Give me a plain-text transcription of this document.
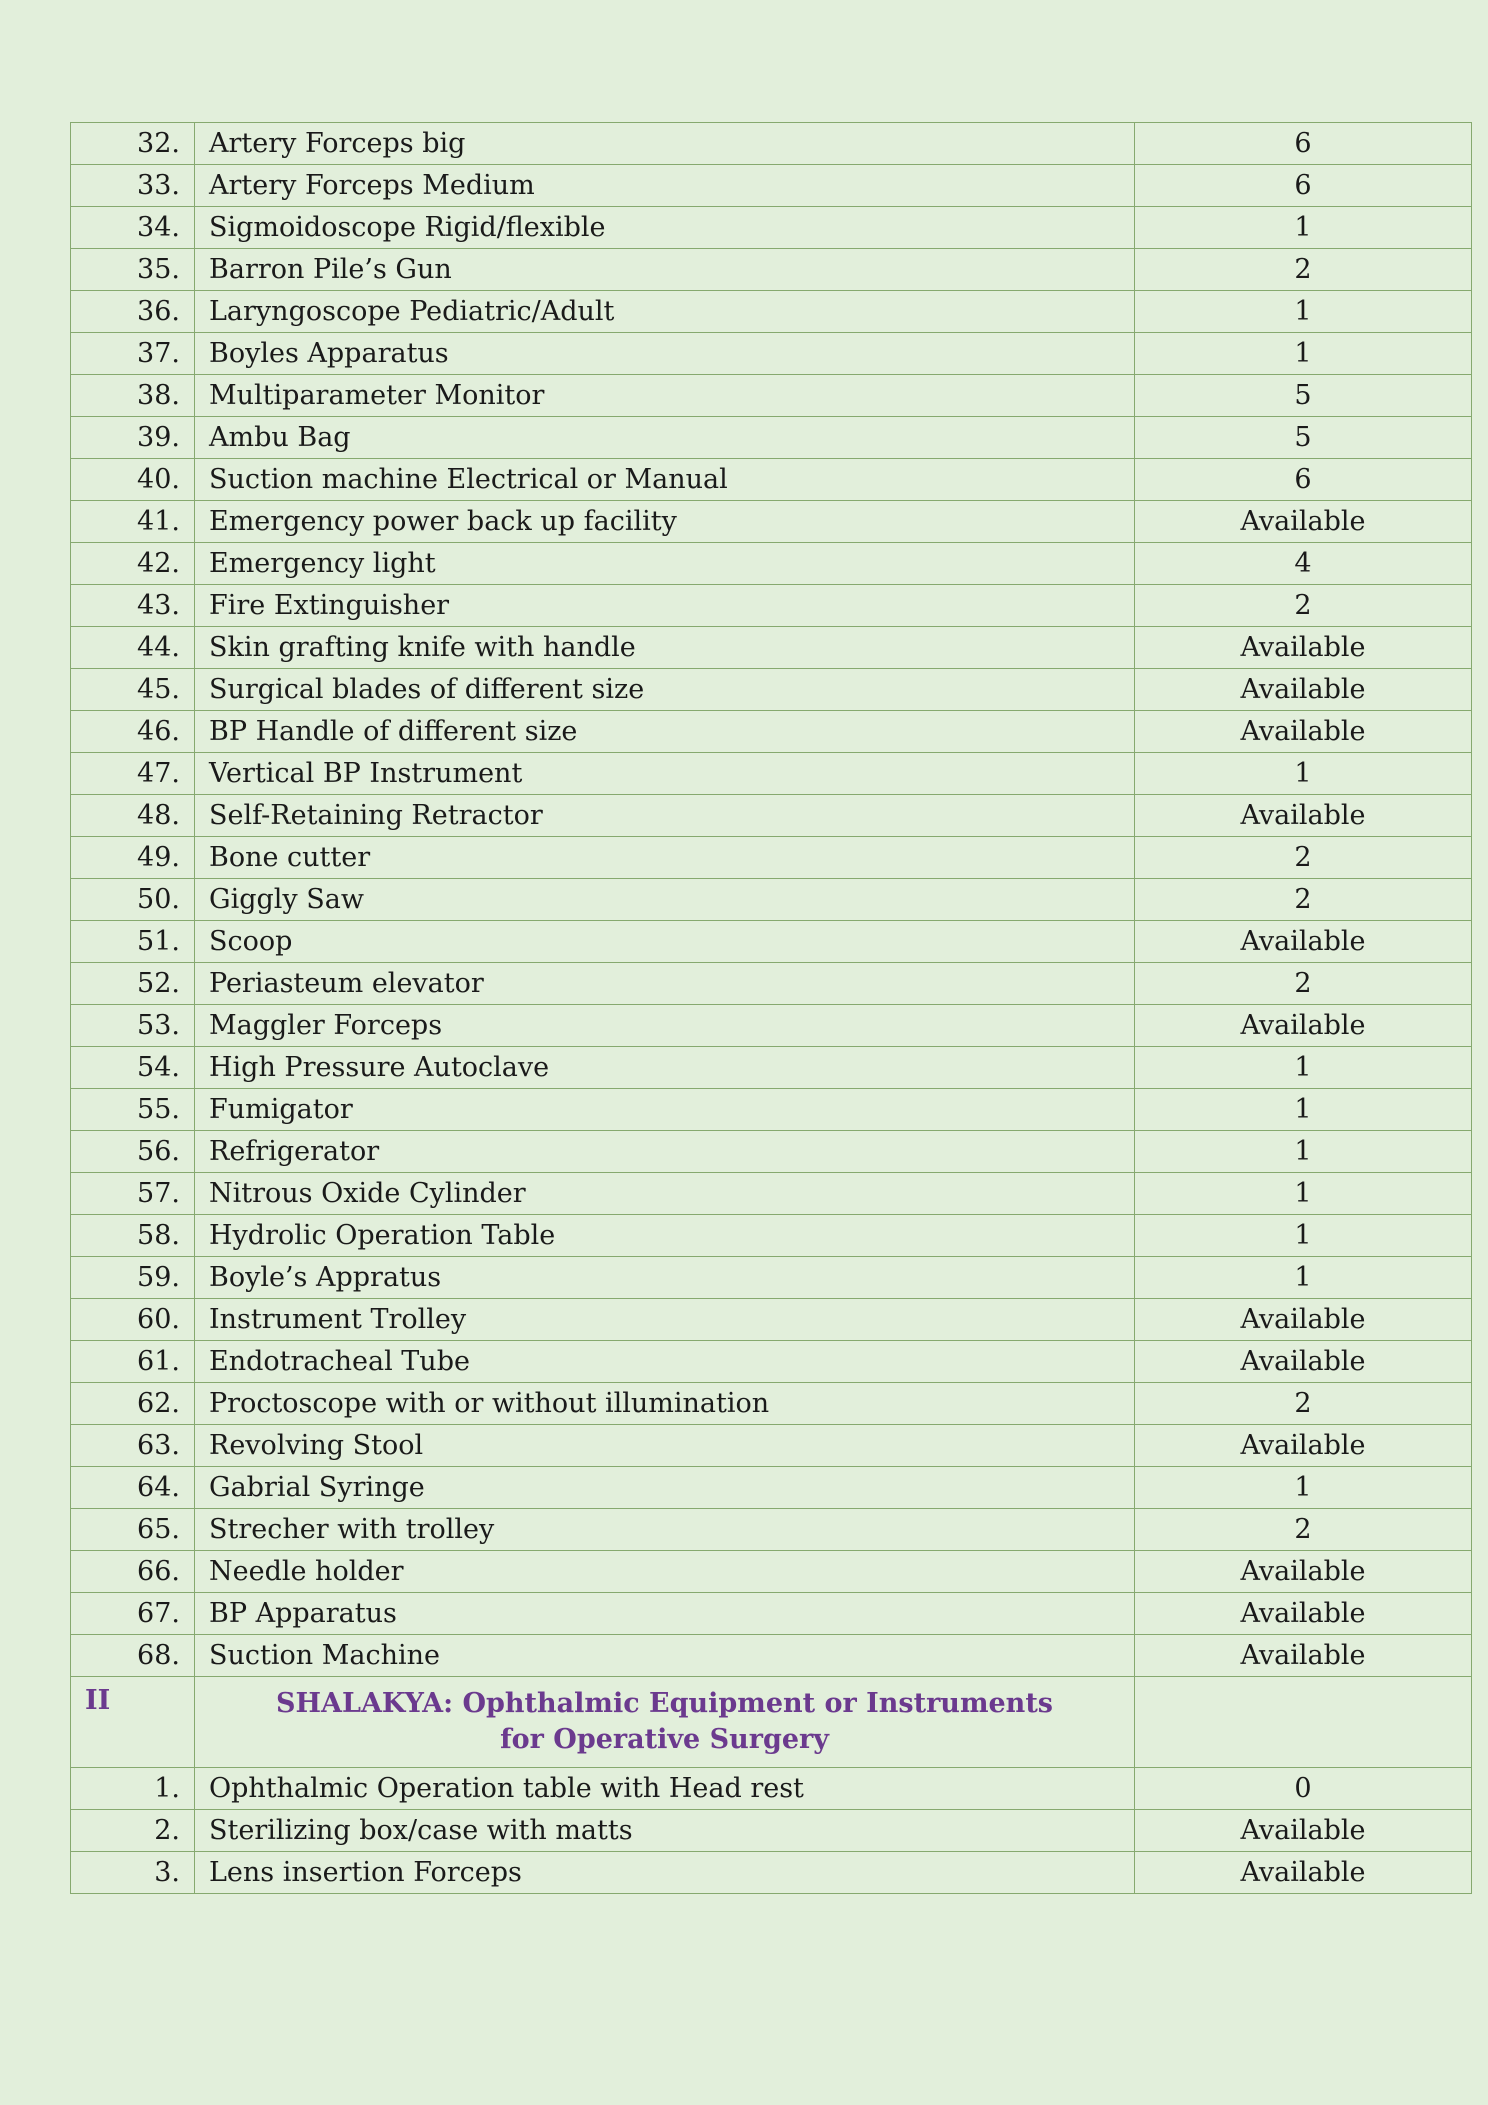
32.	Artery Forceps big	6
33.	Artery Forceps Medium	6
34.	Sigmoidoscope Rigid/flexible	1
35.	Barron Pile’s Gun	2
36.	Laryngoscope Pediatric/Adult	1
37.	Boyles Apparatus	1
38.	Multiparameter Monitor	5
39.	Ambu Bag	5
40.	Suction machine Electrical or Manual	6
41.	Emergency power back up facility	Available
42.	Emergency light	4
43.	Fire Extinguisher	2
44.	Skin grafting knife with handle	Available
45.	Surgical blades of different size	Available
46.	BP Handle of different size	Available
47.	Vertical BP Instrument	1
48.	Self-Retaining Retractor	Available
49.	Bone cutter	2
50.	Giggly Saw	2
51.	Scoop	Available
52.	Periasteum elevator	2
53.	Maggler Forceps	Available
54.	High Pressure Autoclave	1
55.	Fumigator	1
56.	Refrigerator	1
57.	Nitrous Oxide Cylinder	1
58.	Hydrolic Operation Table	1
59.	Boyle’s Appratus	1
60.	Instrument Trolley	Available
61.	Endotracheal Tube	Available
62.	Proctoscope with or without illumination	2
63.	Revolving Stool	Available
64.	Gabrial Syringe	1
65.	Strecher with trolley	2
66.	Needle holder	Available
67.	BP Apparatus	Available
68.	Suction Machine	Available
II	SHALAKYA: Ophthalmic Equipment or Instruments for Operative Surgery	
1.	Ophthalmic Operation table with Head rest	0
2.	Sterilizing box/case with matts	Available
3.	Lens insertion Forceps	Available
